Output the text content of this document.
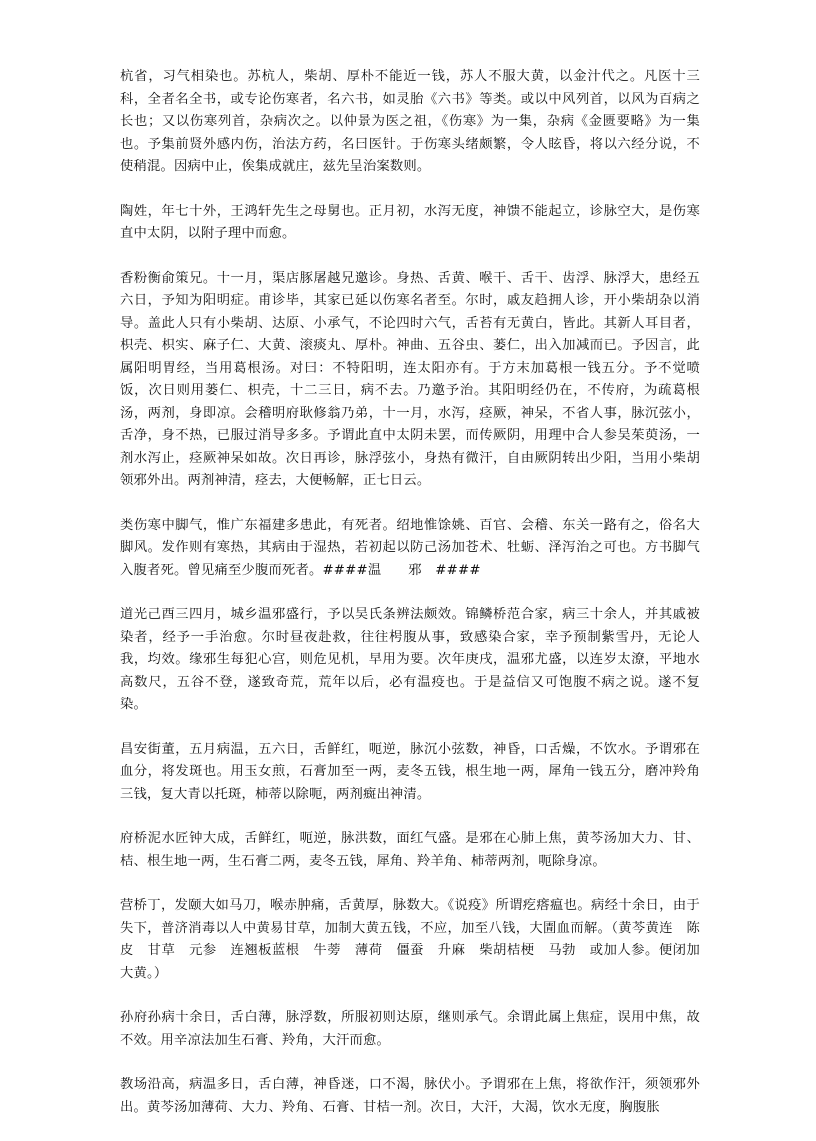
杭省，习气相染也。苏杭人，柴胡、厚朴不能近一钱，苏人不服大黄，以金汁代之。凡医十三科，全者名全书，或专论伤寒者，名六书，如灵胎《六书》等类。或以中风列首，以风为百病之长也；又以伤寒列首，杂病次之。以仲景为医之祖，《伤寒》为一集，杂病《金匮要略》为一集也。予集前贤外感内伤，治法方药，名曰医针。于伤寒头绪颇繁，令人眩昏，将以六经分说，不使稍混。因病中止，俟集成就庄，兹先呈治案数则。

陶姓，年七十外，王鸿轩先生之母舅也。正月初，水泻无度，神馈不能起立，诊脉空大，是伤寒直中太阴，以附子理中而愈。

香粉衡俞策兄。十一月，渠店豚屠越兄邀诊。身热、舌黄、喉干、舌干、齿浮、脉浮大，患经五六日，予知为阳明症。甫诊毕，其家已延以伤寒名者至。尔时，戚友趋拥人诊，开小柴胡杂以消导。盖此人只有小柴胡、达原、小承气，不论四时六气，舌苔有无黄白，皆此。其新人耳目者，枳壳、枳实、麻子仁、大黄、滚痰丸、厚朴。神曲、五谷虫、蒌仁，出入加减而已。予因言，此属阳明胃经，当用葛根汤。对曰：不特阳明，连太阳亦有。于方末加葛根一钱五分。予不觉喷饭，次日则用蒌仁、枳壳，十二三日，病不去。乃邀予治。其阳明经仍在，不传府，为疏葛根汤，两剂，身即凉。会稽明府耿修翁乃弟，十一月，水泻，痉厥，神呆，不省人事，脉沉弦小，舌净，身不热，已服过消导多多。予谓此直中太阴未罢，而传厥阴，用理中合人参吴茱萸汤，一剂水泻止，痉厥神呆如故。次日再诊，脉浮弦小，身热有微汗，自由厥阴转出少阳，当用小柴胡领邪外出。两剂神清，痉去，大便畅解，正七日云。

类伤寒中脚气，惟广东福建多患此，有死者。绍地惟馀姚、百官、会稽、东关一路有之，俗名大脚风。发作则有寒热，其病由于湿热，若初起以防己汤加苍术、牡蛎、泽泻治之可也。方书脚气入腹者死。曾见痛至少腹而死者。####温　　邪　####

道光己酉三四月，城乡温邪盛行，予以吴氏条辨法颇效。锦鳞桥范合家，病三十余人，并其戚被染者，经予一手治愈。尔时昼夜赴救，往往枵腹从事，致感染合家，幸予预制紫雪丹，无论人我，均效。缘邪生每犯心宫，则危见机，早用为要。次年庚戌，温邪尤盛，以连岁太潦，平地水高数尺，五谷不登，遂致奇荒，荒年以后，必有温疫也。于是益信又可饱腹不病之说。遂不复染。

昌安街董，五月病温，五六日，舌鲜红，呃逆，脉沉小弦数，神昏，口舌燥，不饮水。予谓邪在血分，将发斑也。用玉女煎，石膏加至一两，麦冬五钱，根生地一两，犀角一钱五分，磨冲羚角三钱，复大青以托斑，柿蒂以除呃，两剂癍出神清。

府桥泥水匠钟大成，舌鲜红，呃逆，脉洪数，面红气盛。是邪在心肺上焦，黄芩汤加大力、甘、桔、根生地一两，生石膏二两，麦冬五钱，犀角、羚羊角、柿蒂两剂，呃除身凉。

营桥丁，发颐大如马刀，喉赤肿痛，舌黄厚，脉数大。《说疫》所谓疙瘩瘟也。病经十余日，由于失下，普济消毒以人中黄易甘草，加制大黄五钱，不应，加至八钱，大圊血而解。（黄芩黄连　陈皮　甘草　元参　连翘板蓝根　牛蒡　薄荷　僵蚕　升麻　柴胡桔梗　马勃　或加人参。便闭加大黄。）

孙府孙病十余日，舌白薄，脉浮数，所服初则达原，继则承气。余谓此属上焦症，误用中焦，故不效。用辛凉法加生石膏、羚角，大汗而愈。

教场沿高，病温多日，舌白薄，神昏迷，口不渴，脉伏小。予谓邪在上焦，将欲作汗，须领邪外出。黄芩汤加薄荷、大力、羚角、石膏、甘桔一剂。次日，大汗，大渴，饮水无度，胸腹胀
